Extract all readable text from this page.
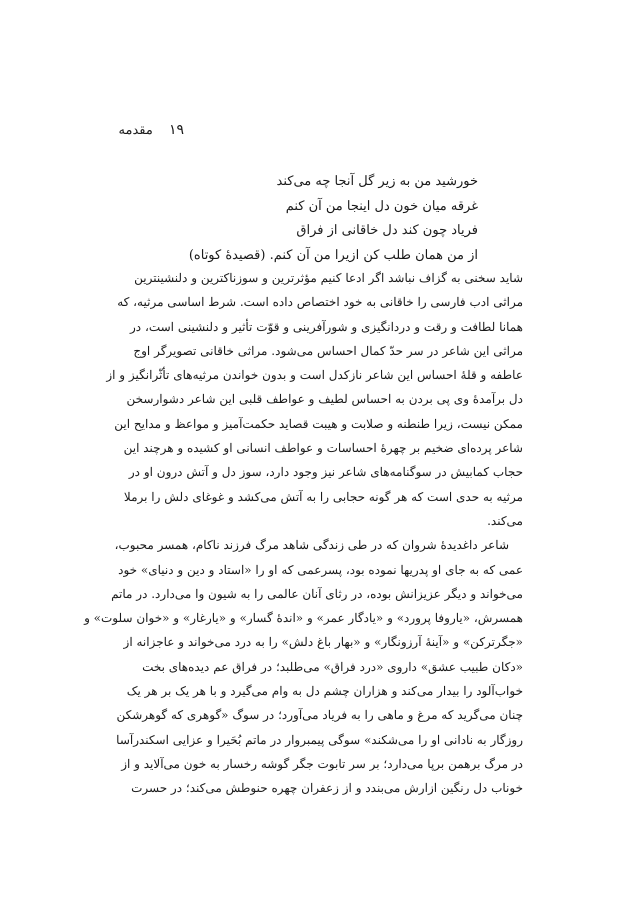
۱۹ مقدمه
خورشید من به زیر گل آنجا چه می‌کند
غرقه میان خون دل اینجا من آن کنم
فریاد چون کند دل خاقانی از فراق
از من همان طلب کن ازیرا من آن کنم. (قصیدهٔ کوتاه)
شاید سخنی به گزاف نباشد اگر ادعا کنیم مؤثرترین و سوزناکترین و دلنشینترین
مراثی ادب فارسی را خاقانی به خود اختصاص داده است. شرط اساسی مرثیه، که
همانا لطافت و رقت و دردانگیزی و شورآفرینی و قوّت تأثیر و دلنشینی است، در
مراثی این شاعر در سر حدّ کمال احساس می‌شود. مراثی خاقانی تصویرگر اوج
عاطفه و قلهٔ احساس این شاعر نازکدل است و بدون خواندن مرثیه‌های تأثّرانگیز و از
دل برآمدهٔ وی پی بردن به احساس لطیف و عواطف قلبی این شاعر دشوارسخن
ممکن نیست، زیرا طنطنه و صلابت و هیبت قصاید حکمت‌آمیز و مواعظ و مدایح این
شاعر پرده‌ای ضخیم بر چهرهٔ احساسات و عواطف انسانی او کشیده و هرچند این
حجاب کمابیش در سوگنامه‌های شاعر نیز وجود دارد، سوز دل و آتش درون او در
مرثیه به حدی است که هر گونه حجابی را به آتش می‌کشد و غوغای دلش را برملا
می‌کند.
شاعر داغدیدهٔ شروان که در طی زندگی شاهد مرگ فرزند ناکام، همسر محبوب،
عمی که به جای او پدریها نموده بود، پسرعمی که او را «استاد و دین و دنیای» خود
می‌خواند و دیگر عزیزانش بوده، در رثای آنان عالمی را به شیون وا می‌دارد. در ماتم
همسرش، «یاروفا پرورد» و «یادگار عمر» و «اندهٔ گسار» و «یارغار» و «خوان سلوت» و
«جگرترکن» و «آینهٔ آرزونگار» و «بهار باغ دلش» را به درد می‌خواند و عاجزانه از
«دکان طبیب عشق» داروی «درد فراق» می‌طلبد؛ در فراق عم دیده‌های بخت
خواب‌آلود را بیدار می‌کند و هزاران چشم دل به وام می‌گیرد و با هر یک بر هر یک
چنان می‌گرید که مرغ و ماهی را به فریاد می‌آورد؛ در سوگ «گوهری که گوهرشکن
روزگار به نادانی او را می‌شکند» سوگی پیمبروار در ماتم بُحَیرا و عزایی اسکندرآسا
در مرگ برهمن برپا می‌دارد؛ بر سر تابوت جگر گوشه رخسار به خون می‌آلاید و از
خوناب دل رنگین ازارش می‌بندد و از زعفران چهره حنوطش می‌کند؛ در حسرت
